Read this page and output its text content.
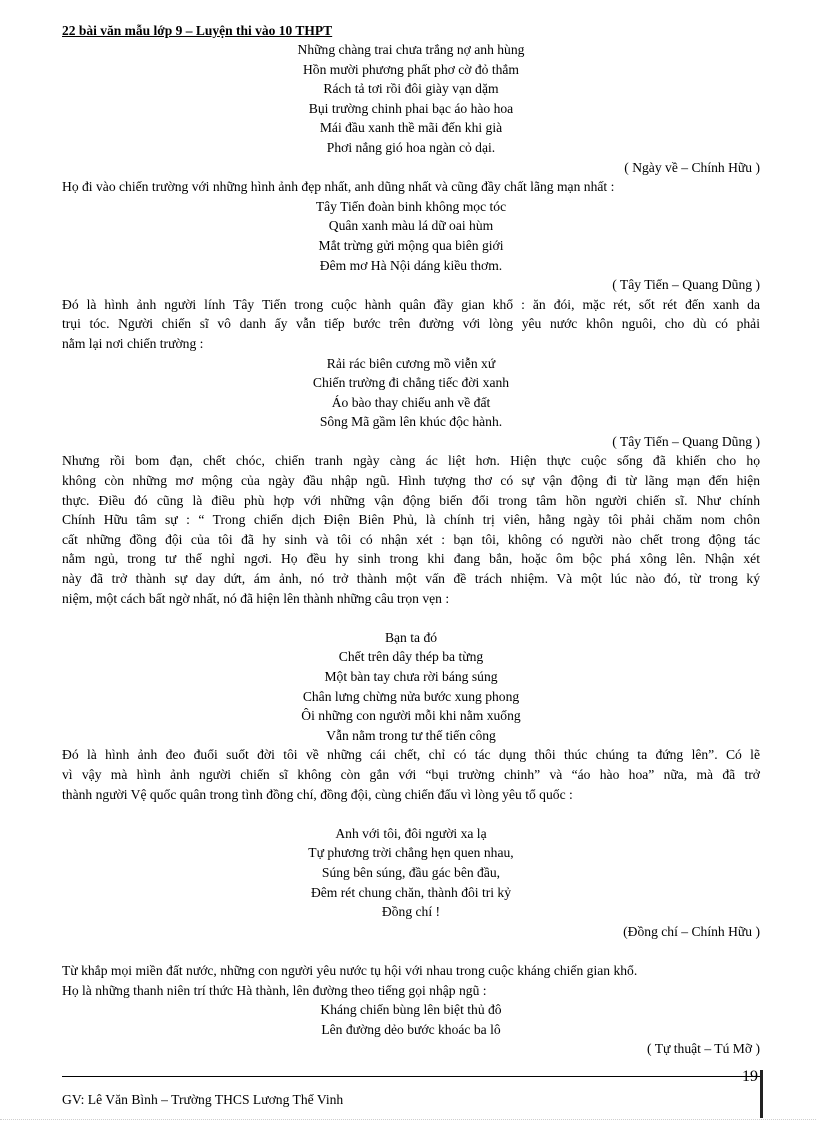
22 bài văn mẫu lớp 9 – Luyện thi vào 10 THPT
Những chàng trai chưa trắng nợ anh hùng
Hồn mười phương phất phơ cờ đỏ thắm
Rách tả tơi rồi đôi giày vạn dặm
Bụi trường chinh phai bạc áo hào hoa
Mái đầu xanh thề mãi đến khi già
Phơi nắng gió hoa ngàn cỏ dại.
( Ngày về – Chính Hữu )
Họ đi vào chiến trường với những hình ảnh đẹp nhất, anh dũng nhất và cũng đầy chất lãng mạn nhất :
Tây Tiến đoàn binh không mọc tóc
Quân xanh màu lá dữ oai hùm
Mắt trừng gửi mộng qua biên giới
Đêm mơ Hà Nội dáng kiều thơm.
( Tây Tiến – Quang Dũng )
Đó là hình ảnh người lính Tây Tiến trong cuộc hành quân đầy gian khổ : ăn đói, mặc rét, sốt rét đến xanh da
trụi tóc. Người chiến sĩ vô danh ấy vẫn tiếp bước trên đường với lòng yêu nước khôn nguôi, cho dù có phải
nằm lại nơi chiến trường :
Rải rác biên cương mồ viễn xứ
Chiến trường đi chẳng tiếc đời xanh
Áo bào thay chiếu anh về đất
Sông Mã gầm lên khúc độc hành.
( Tây Tiến – Quang Dũng )
Nhưng rồi bom đạn, chết chóc, chiến tranh ngày càng ác liệt hơn. Hiện thực cuộc sống đã khiến cho họ
không còn những mơ mộng của ngày đầu nhập ngũ. Hình tượng thơ có sự vận động đi từ lãng mạn đến hiện
thực. Điều đó cũng là điều phù hợp với những vận động biến đổi trong tâm hồn người chiến sĩ. Như chính
Chính Hữu tâm sự : “ Trong chiến dịch Điện Biên Phủ, là chính trị viên, hằng ngày tôi phải chăm nom chôn
cất những đồng đội của tôi đã hy sinh và tôi có nhận xét : bạn tôi, không có người nào chết trong động tác
nằm ngủ, trong tư thế nghỉ ngơi. Họ đều hy sinh trong khi đang bắn, hoặc ôm bộc phá xông lên. Nhận xét
này đã trở thành sự day dứt, ám ảnh, nó trở thành một vấn đề trách nhiệm. Và một lúc nào đó, từ trong ký
niệm, một cách bất ngờ nhất, nó đã hiện lên thành những câu trọn vẹn :
Bạn ta đó
Chết trên dây thép ba từng
Một bàn tay chưa rời báng súng
Chân lưng chừng nửa bước xung phong
Ôi những con người mỗi khi nằm xuống
Vẫn nằm trong tư thế tiến công
Đó là hình ảnh đeo đuổi suốt đời tôi về những cái chết, chỉ có tác dụng thôi thúc chúng ta đứng lên”. Có lẽ
vì vậy mà hình ảnh người chiến sĩ không còn gắn với “bụi trường chinh” và “áo hào hoa” nữa, mà đã trở
thành người Vệ quốc quân trong tình đồng chí, đồng đội, cùng chiến đấu vì lòng yêu tổ quốc :
Anh với tôi, đôi người xa lạ
Tự phương trời chẳng hẹn quen nhau,
Súng bên súng, đầu gác bên đầu,
Đêm rét chung chăn, thành đôi tri kỷ
Đồng chí !
(Đồng chí – Chính Hữu )
Từ khắp mọi miền đất nước, những con người yêu nước tụ hội với nhau trong cuộc kháng chiến gian khổ.
Họ là những thanh niên trí thức Hà thành, lên đường theo tiếng gọi nhập ngũ :
Kháng chiến bùng lên biệt thủ đô
Lên đường dẻo bước khoác ba lô
( Tự thuật – Tú Mỡ )
19
GV: Lê Văn Bình – Trường THCS Lương Thế Vinh
